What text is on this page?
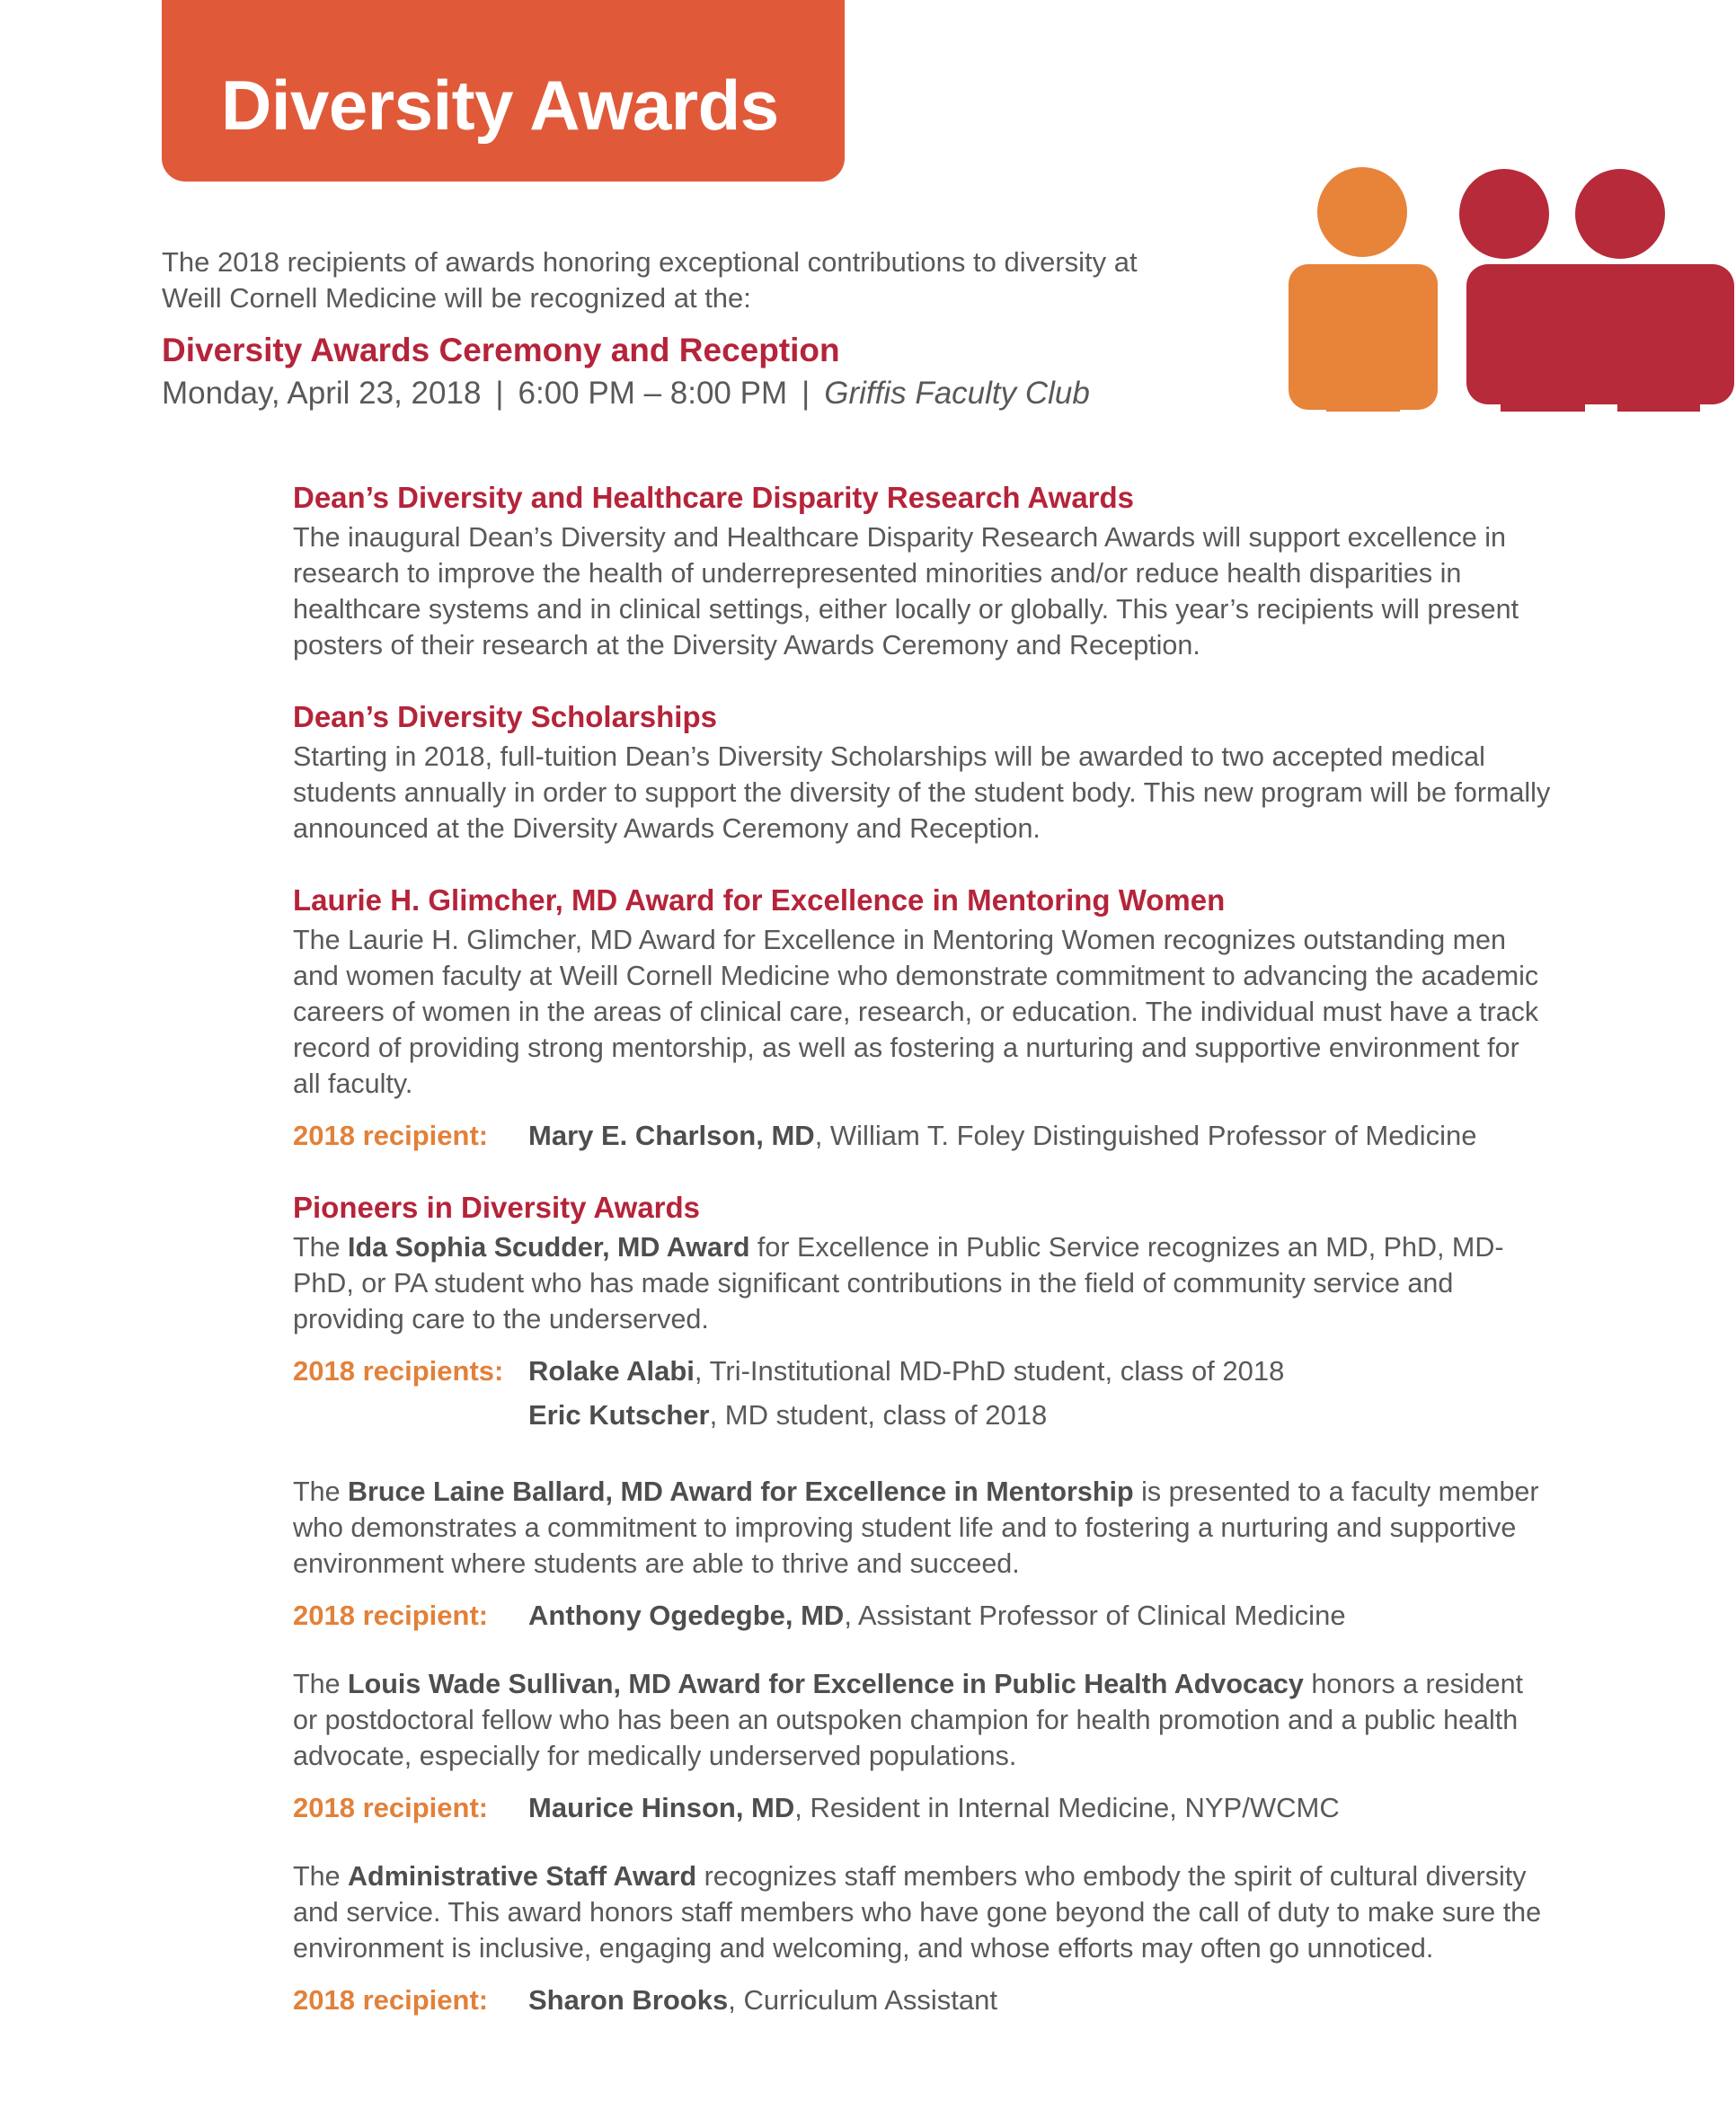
Diversity Awards

The 2018 recipients of awards honoring exceptional contributions to diversity at Weill Cornell Medicine will be recognized at the:

Diversity Awards Ceremony and Reception

Monday, April 23, 2018 | 6:00 PM – 8:00 PM | Griffis Faculty Club

Dean’s Diversity and Healthcare Disparity Research Awards

The inaugural Dean’s Diversity and Healthcare Disparity Research Awards will support excellence in research to improve the health of underrepresented minorities and/or reduce health disparities in healthcare systems and in clinical settings, either locally or globally. This year’s recipients will present posters of their research at the Diversity Awards Ceremony and Reception.

Dean’s Diversity Scholarships

Starting in 2018, full-tuition Dean’s Diversity Scholarships will be awarded to two accepted medical students annually in order to support the diversity of the student body. This new program will be formally announced at the Diversity Awards Ceremony and Reception.

Laurie H. Glimcher, MD Award for Excellence in Mentoring Women

The Laurie H. Glimcher, MD Award for Excellence in Mentoring Women recognizes outstanding men and women faculty at Weill Cornell Medicine who demonstrate commitment to advancing the academic careers of women in the areas of clinical care, research, or education. The individual must have a track record of providing strong mentorship, as well as fostering a nurturing and supportive environment for all faculty.

2018 recipient:	Mary E. Charlson, MD, William T. Foley Distinguished Professor of Medicine
Pioneers in Diversity Awards

The Ida Sophia Scudder, MD Award for Excellence in Public Service recognizes an MD, PhD, MD-PhD, or PA student who has made significant contributions in the field of community service and providing care to the underserved.

2018 recipients: Rolake Alabi, Tri-Institutional MD-PhD student, class of 2018
Eric Kutscher, MD student, class of 2018

The Bruce Laine Ballard, MD Award for Excellence in Mentorship is presented to a faculty member who demonstrates a commitment to improving student life and to fostering a nurturing and supportive environment where students are able to thrive and succeed.

2018 recipient:	Anthony Ogedegbe, MD, Assistant Professor of Clinical Medicine

The Louis Wade Sullivan, MD Award for Excellence in Public Health Advocacy honors a resident or postdoctoral fellow who has been an outspoken champion for health promotion and a public health advocate, especially for medically underserved populations.

2018 recipient:	Maurice Hinson, MD, Resident in Internal Medicine, NYP/WCMC

The Administrative Staff Award recognizes staff members who embody the spirit of cultural diversity and service. This award honors staff members who have gone beyond the call of duty to make sure the environment is inclusive, engaging and welcoming, and whose efforts may often go unnoticed.

2018 recipient:	Sharon Brooks, Curriculum Assistant
